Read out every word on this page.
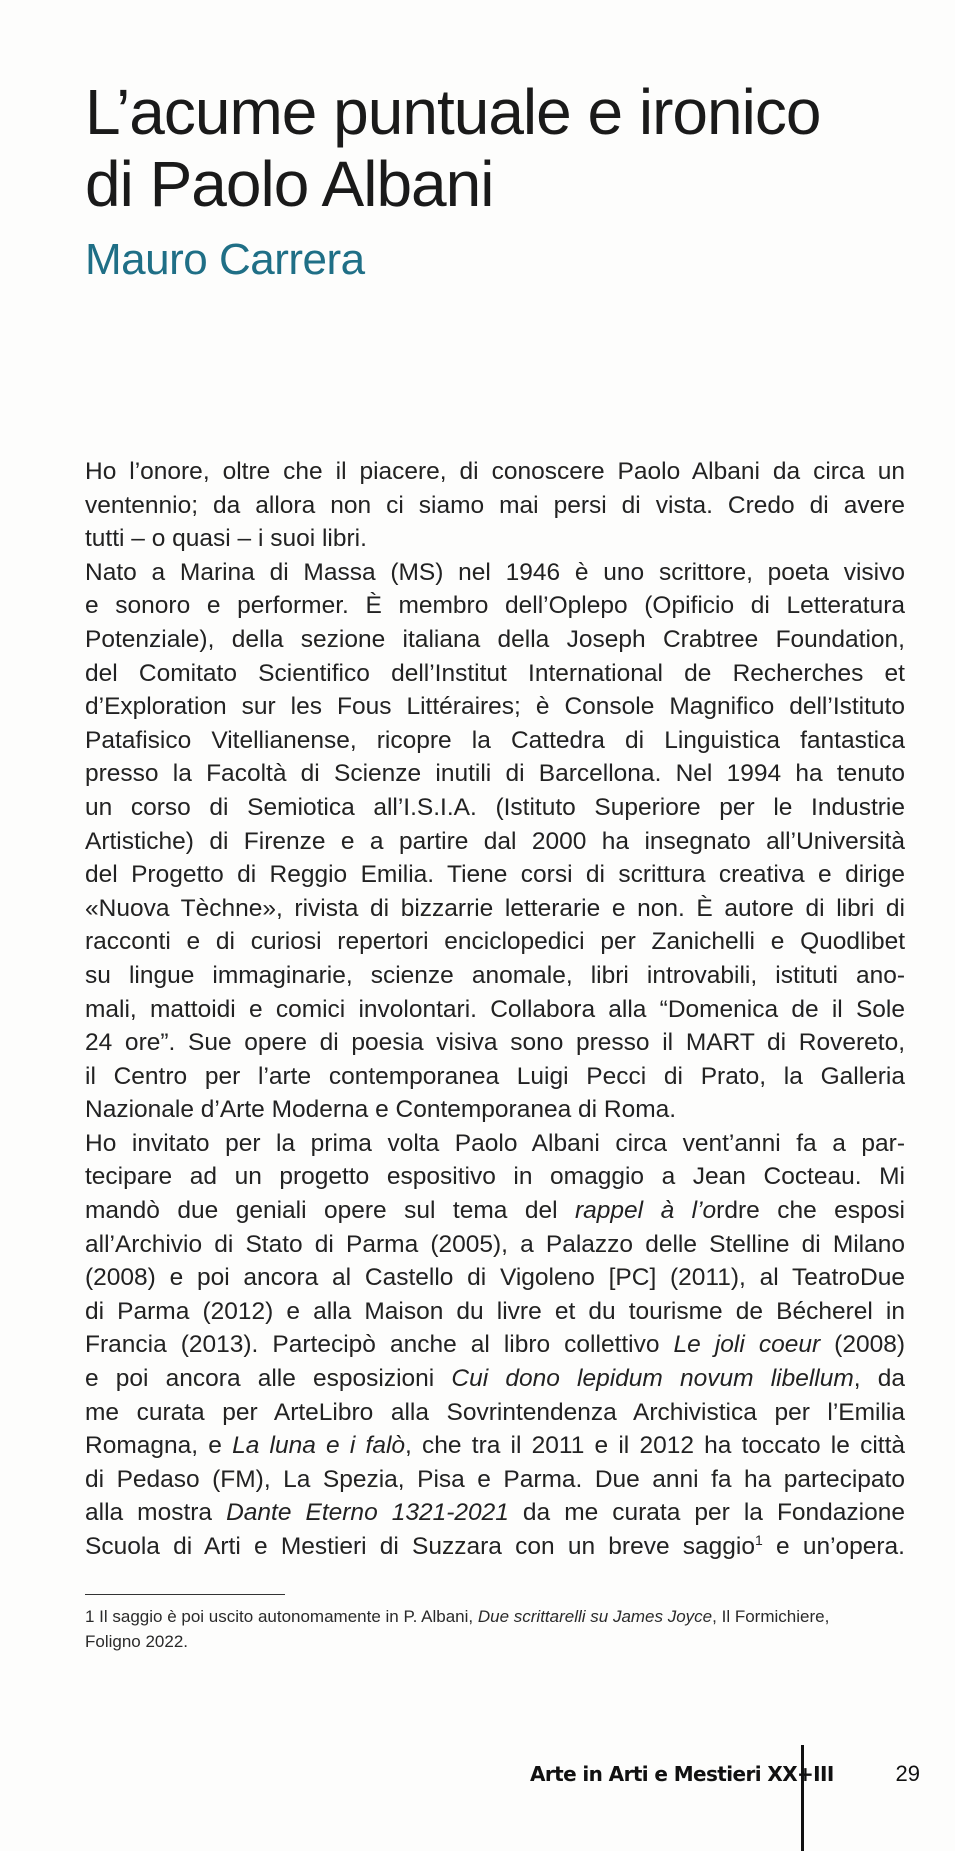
L’acume puntuale e ironico
di Paolo Albani
Mauro Carrera
Ho l’onore, oltre che il piacere, di conoscere Paolo Albani da circa un
ventennio; da allora non ci siamo mai persi di vista. Credo di avere
tutti – o quasi – i suoi libri.
Nato a Marina di Massa (MS) nel 1946 è uno scrittore, poeta visivo
e sonoro e performer. È membro dell’Oplepo (Opificio di Letteratura
Potenziale), della sezione italiana della Joseph Crabtree Foundation,
del Comitato Scientifico dell’Institut International de Recherches et
d’Exploration sur les Fous Littéraires; è Console Magnifico dell’Istituto
Patafisico Vitellianense, ricopre la Cattedra di Linguistica fantastica
presso la Facoltà di Scienze inutili di Barcellona. Nel 1994 ha tenuto
un corso di Semiotica all’I.S.I.A. (Istituto Superiore per le Industrie
Artistiche) di Firenze e a partire dal 2000 ha insegnato all’Università
del Progetto di Reggio Emilia. Tiene corsi di scrittura creativa e dirige
«Nuova Tèchne», rivista di bizzarrie letterarie e non. È autore di libri di
racconti e di curiosi repertori enciclopedici per Zanichelli e Quodlibet
su lingue immaginarie, scienze anomale, libri introvabili, istituti ano-
mali, mattoidi e comici involontari. Collabora alla “Domenica de il Sole
24 ore”. Sue opere di poesia visiva sono presso il MART di Rovereto,
il Centro per l’arte contemporanea Luigi Pecci di Prato, la Galleria
Nazionale d’Arte Moderna e Contemporanea di Roma.
Ho invitato per la prima volta Paolo Albani circa vent’anni fa a par-
tecipare ad un progetto espositivo in omaggio a Jean Cocteau. Mi
mandò due geniali opere sul tema del rappel à l’ordre che esposi
all’Archivio di Stato di Parma (2005), a Palazzo delle Stelline di Milano
(2008) e poi ancora al Castello di Vigoleno [PC] (2011), al TeatroDue
di Parma (2012) e alla Maison du livre et du tourisme de Bécherel in
Francia (2013). Partecipò anche al libro collettivo Le joli coeur (2008)
e poi ancora alle esposizioni Cui dono lepidum novum libellum, da
me curata per ArteLibro alla Sovrintendenza Archivistica per l’Emilia
Romagna, e La luna e i falò, che tra il 2011 e il 2012 ha toccato le città
di Pedaso (FM), La Spezia, Pisa e Parma. Due anni fa ha partecipato
alla mostra Dante Eterno 1321-2021 da me curata per la Fondazione
Scuola di Arti e Mestieri di Suzzara con un breve saggio$^1$ e un’opera.
1 Il saggio è poi uscito autonomamente in P. Albani, Due scrittarelli su James Joyce, Il Formichiere,
Foligno 2022.
Arte in Arti e Mestieri XX+III	29
